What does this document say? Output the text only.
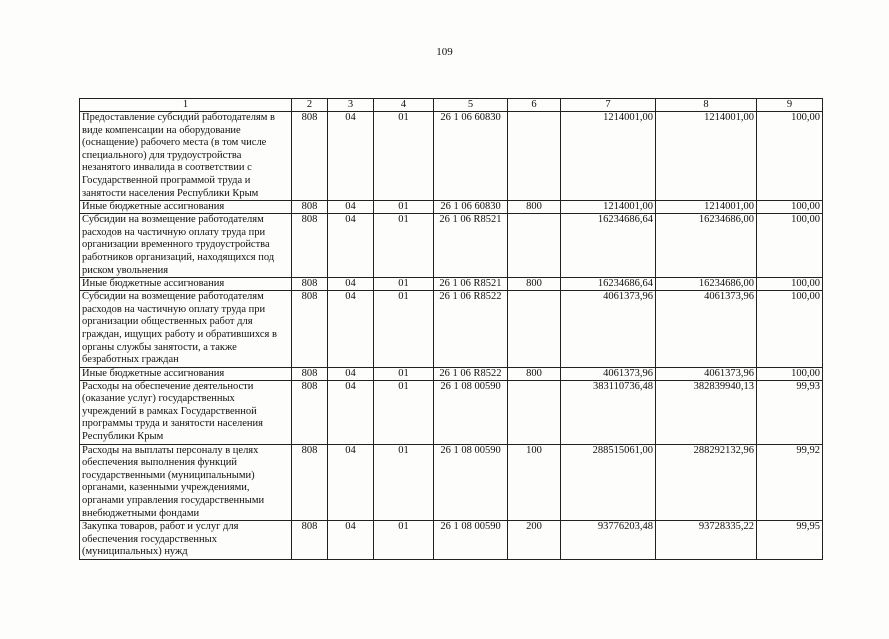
109
1	2	3	4	5	6	7	8	9
Предоставление субсидий работодателям в виде компенсации на оборудование (оснащение) рабочего места (в том числе специального) для трудоустройства незанятого инвалида в соответствии с Государственной программой труда и занятости населения Республики Крым	808	04	01	26 1 06 60830		1214001,00	1214001,00	100,00
Иные бюджетные ассигнования	808	04	01	26 1 06 60830	800	1214001,00	1214001,00	100,00
Субсидии на возмещение работодателям расходов на частичную оплату труда при организации временного трудоустройства работников организаций, находящихся под риском увольнения	808	04	01	26 1 06 R8521		16234686,64	16234686,00	100,00
Иные бюджетные ассигнования	808	04	01	26 1 06 R8521	800	16234686,64	16234686,00	100,00
Субсидии на возмещение работодателям расходов на частичную оплату труда при организации общественных работ для граждан, ищущих работу и обратившихся в органы службы занятости, а также безработных граждан	808	04	01	26 1 06 R8522		4061373,96	4061373,96	100,00
Иные бюджетные ассигнования	808	04	01	26 1 06 R8522	800	4061373,96	4061373,96	100,00
Расходы на обеспечение деятельности (оказание услуг) государственных учреждений в рамках Государственной программы труда и занятости населения Республики Крым	808	04	01	26 1 08 00590		383110736,48	382839940,13	99,93
Расходы на выплаты персоналу в целях обеспечения выполнения функций государственными (муниципальными) органами, казенными учреждениями, органами управления государственными внебюджетными фондами	808	04	01	26 1 08 00590	100	288515061,00	288292132,96	99,92
Закупка товаров, работ и услуг для обеспечения государственных (муниципальных) нужд	808	04	01	26 1 08 00590	200	93776203,48	93728335,22	99,95
